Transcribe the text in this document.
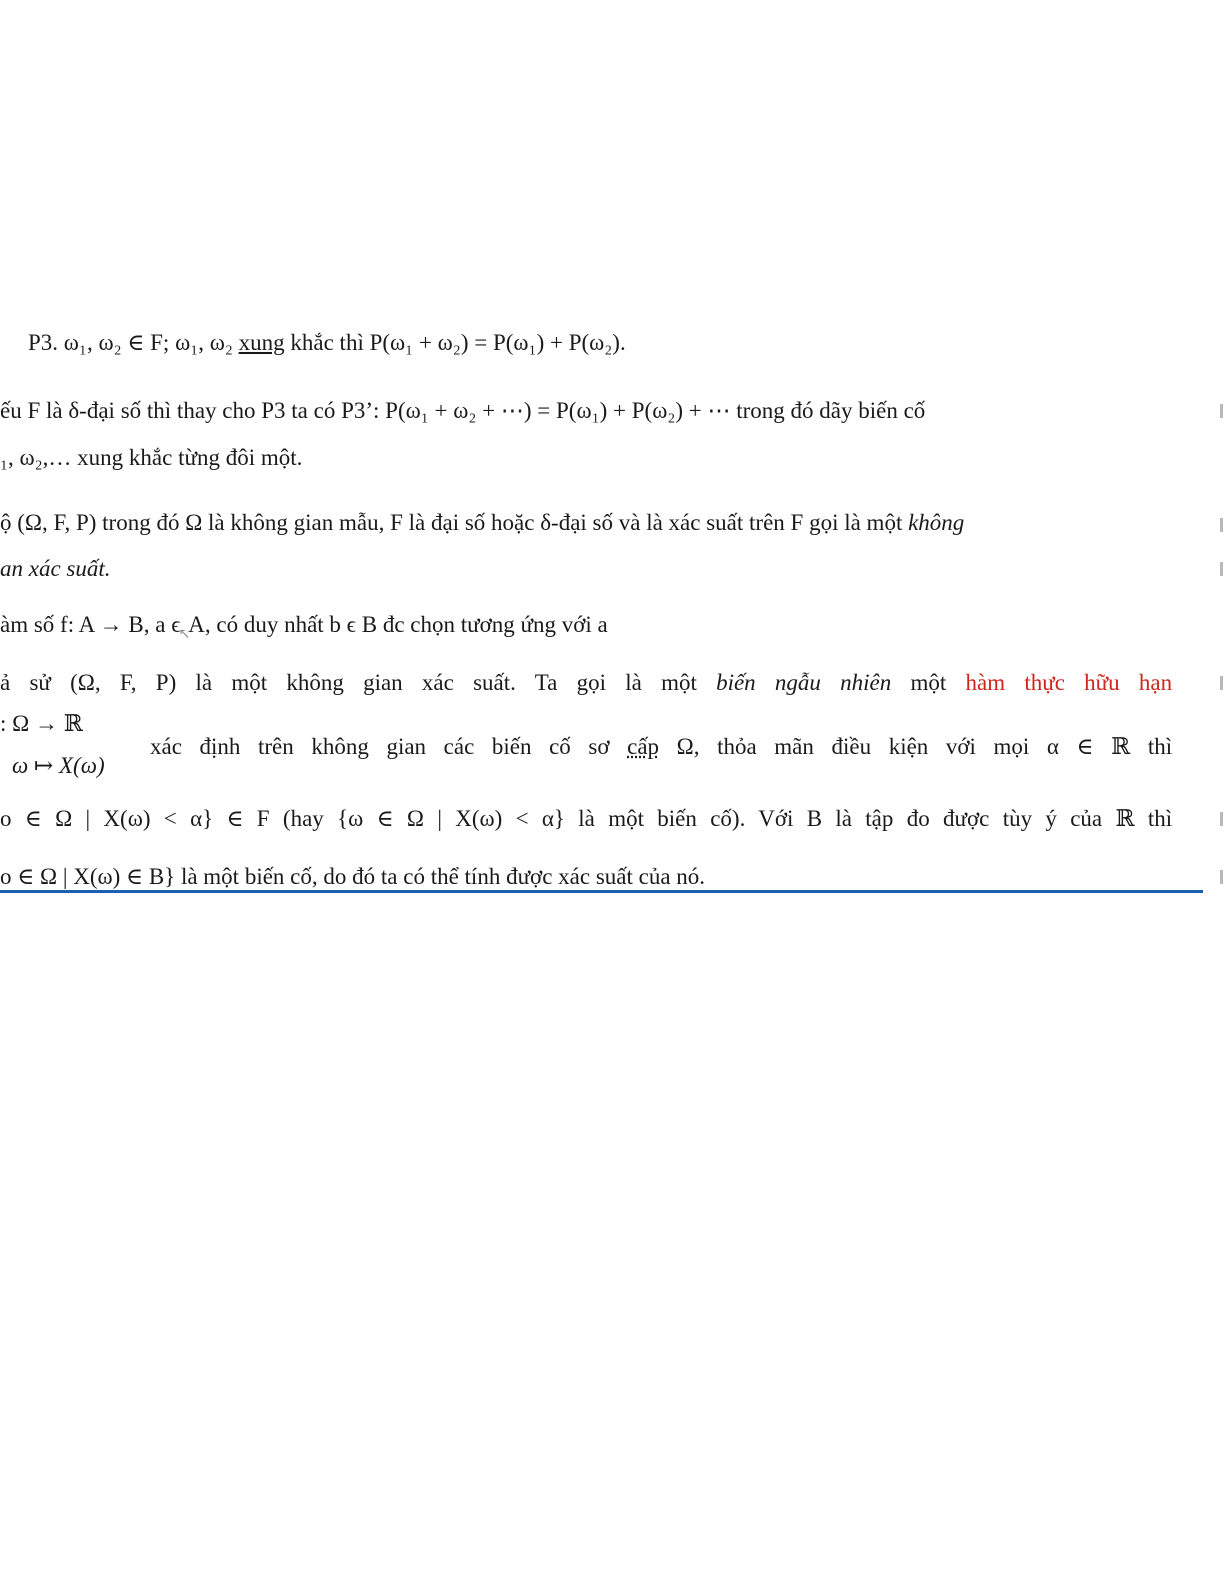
P3. ω₁, ω₂ ∈ F; ω₁, ω₂ xung khắc thì P(ω₁ + ω₂) = P(ω₁) + P(ω₂).
ếu F là δ-đại số thì thay cho P3 ta có P3’: P(ω₁ + ω₂ + ⋯) = P(ω₁) + P(ω₂) + ⋯ trong đó dãy biến cố
₁, ω₂,… xung khắc từng đôi một.
ộ (Ω, F, P) trong đó Ω là không gian mẫu, F là đại số hoặc δ-đại số và là xác suất trên F gọi là một không
an xác suất.
àm số f: A → B, a $\epsilon_↖A$, có duy nhất b ϵ B đc chọn tương ứng với a
ả sử (Ω, F, P) là một không gian xác suất. Ta gọi là một biến ngẫu nhiên một hàm thực hữu hạn
: Ω → ℝ
ω ↦ X(ω)
xác định trên không gian các biến cố sơ cấp Ω, thỏa mãn điều kiện với mọi α ∈ ℝ thì
ο ∈ Ω | X(ω) < α} ∈ F (hay {ω ∈ Ω | X(ω) < α} là một biến cố). Với B là tập đo được tùy ý của ℝ thì
ο ∈ Ω | X(ω) ∈ B} là một biến cố, do đó ta có thể tính được xác suất của nó.
